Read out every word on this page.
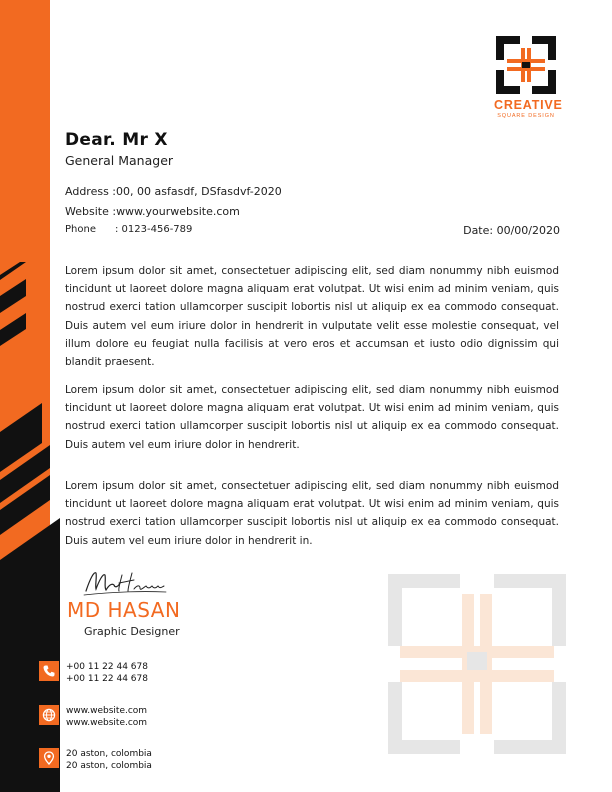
CREATIVE
SQUARE DESIGN
Dear. Mr X
General Manager
Address :00, 00 asfasdf, DSfasdvf-2020
Website :www.yourwebsite.com
Phone : 0123-456-789	Date: 00/00/2020

Lorem ipsum dolor sit amet, consectetuer adipiscing elit, sed diam nonummy nibh euismod tincidunt ut laoreet dolore magna aliquam erat volutpat. Ut wisi enim ad minim veniam, quis nostrud exerci tation ullamcorper suscipit lobortis nisl ut aliquip ex ea commodo consequat. Duis autem vel eum iriure dolor in hendrerit in vulputate velit esse molestie consequat, vel illum dolore eu feugiat nulla facilisis at vero eros et accumsan et iusto odio dignissim qui blandit praesent.

Lorem ipsum dolor sit amet, consectetuer adipiscing elit, sed diam nonummy nibh euismod tincidunt ut laoreet dolore magna aliquam erat volutpat. Ut wisi enim ad minim veniam, quis nostrud exerci tation ullamcorper suscipit lobortis nisl ut aliquip ex ea commodo consequat. Duis autem vel eum iriure dolor in hendrerit.

Lorem ipsum dolor sit amet, consectetuer adipiscing elit, sed diam nonummy nibh euismod tincidunt ut laoreet dolore magna aliquam erat volutpat. Ut wisi enim ad minim veniam, quis nostrud exerci tation ullamcorper suscipit lobortis nisl ut aliquip ex ea commodo consequat. Duis autem vel eum iriure dolor in hendrerit in.

MD HASAN
Graphic Designer
+00 11 22 44 678
+00 11 22 44 678
www.website.com
www.website.com
20 aston, colombia
20 aston, colombia
